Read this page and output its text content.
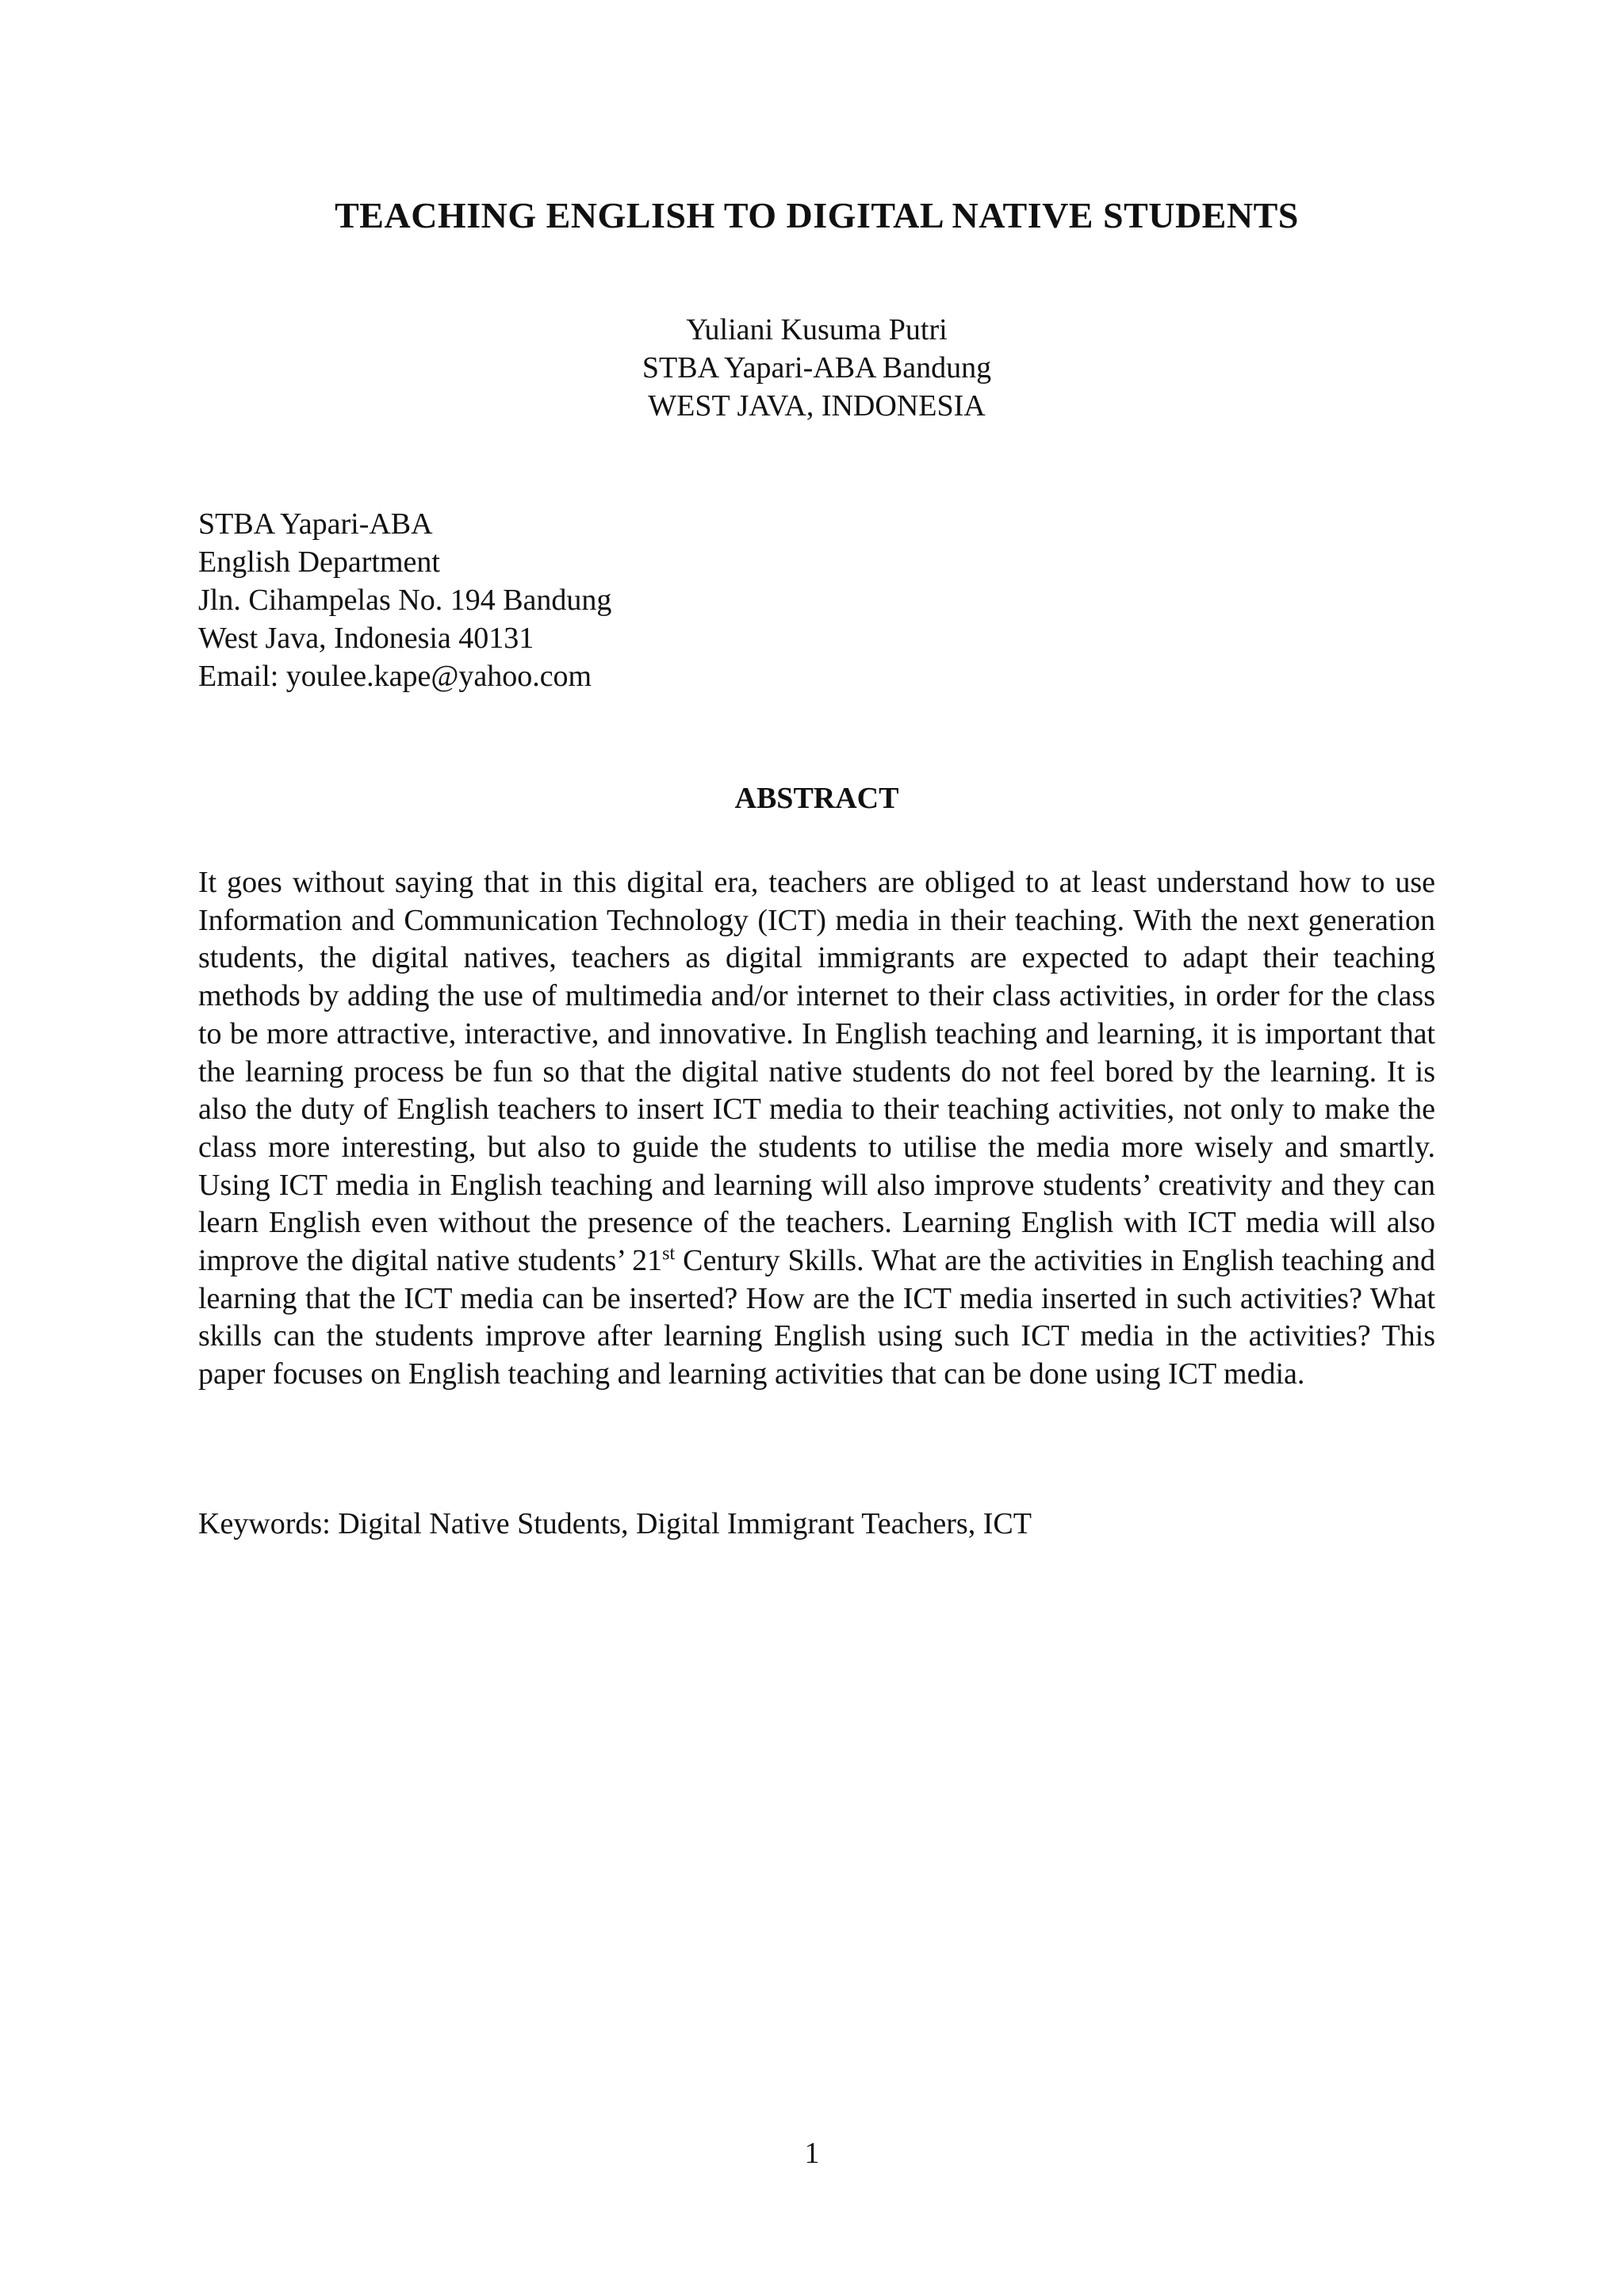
TEACHING ENGLISH TO DIGITAL NATIVE STUDENTS
Yuliani Kusuma Putri
STBA Yapari-ABA Bandung
WEST JAVA, INDONESIA
STBA Yapari-ABA
English Department
Jln. Cihampelas No. 194 Bandung
West Java, Indonesia 40131
Email: youlee.kape@yahoo.com
ABSTRACT

It goes without saying that in this digital era, teachers are obliged to at least understand how to use Information and Communication Technology (ICT) media in their teaching. With the next generation students, the digital natives, teachers as digital immigrants are expected to adapt their teaching methods by adding the use of multimedia and/or internet to their class activities, in order for the class to be more attractive, interactive, and innovative. In English teaching and learning, it is important that the learning process be fun so that the digital native students do not feel bored by the learning. It is also the duty of English teachers to insert ICT media to their teaching activities, not only to make the class more interesting, but also to guide the students to utilise the media more wisely and smartly. Using ICT media in English teaching and learning will also improve students’ creativity and they can learn English even without the presence of the teachers. Learning English with ICT media will also improve the digital native students’ 21st Century Skills. What are the activities in English teaching and learning that the ICT media can be inserted? How are the ICT media inserted in such activities? What skills can the students improve after learning English using such ICT media in the activities? This paper focuses on English teaching and learning activities that can be done using ICT media.

Keywords: Digital Native Students, Digital Immigrant Teachers, ICT
1
